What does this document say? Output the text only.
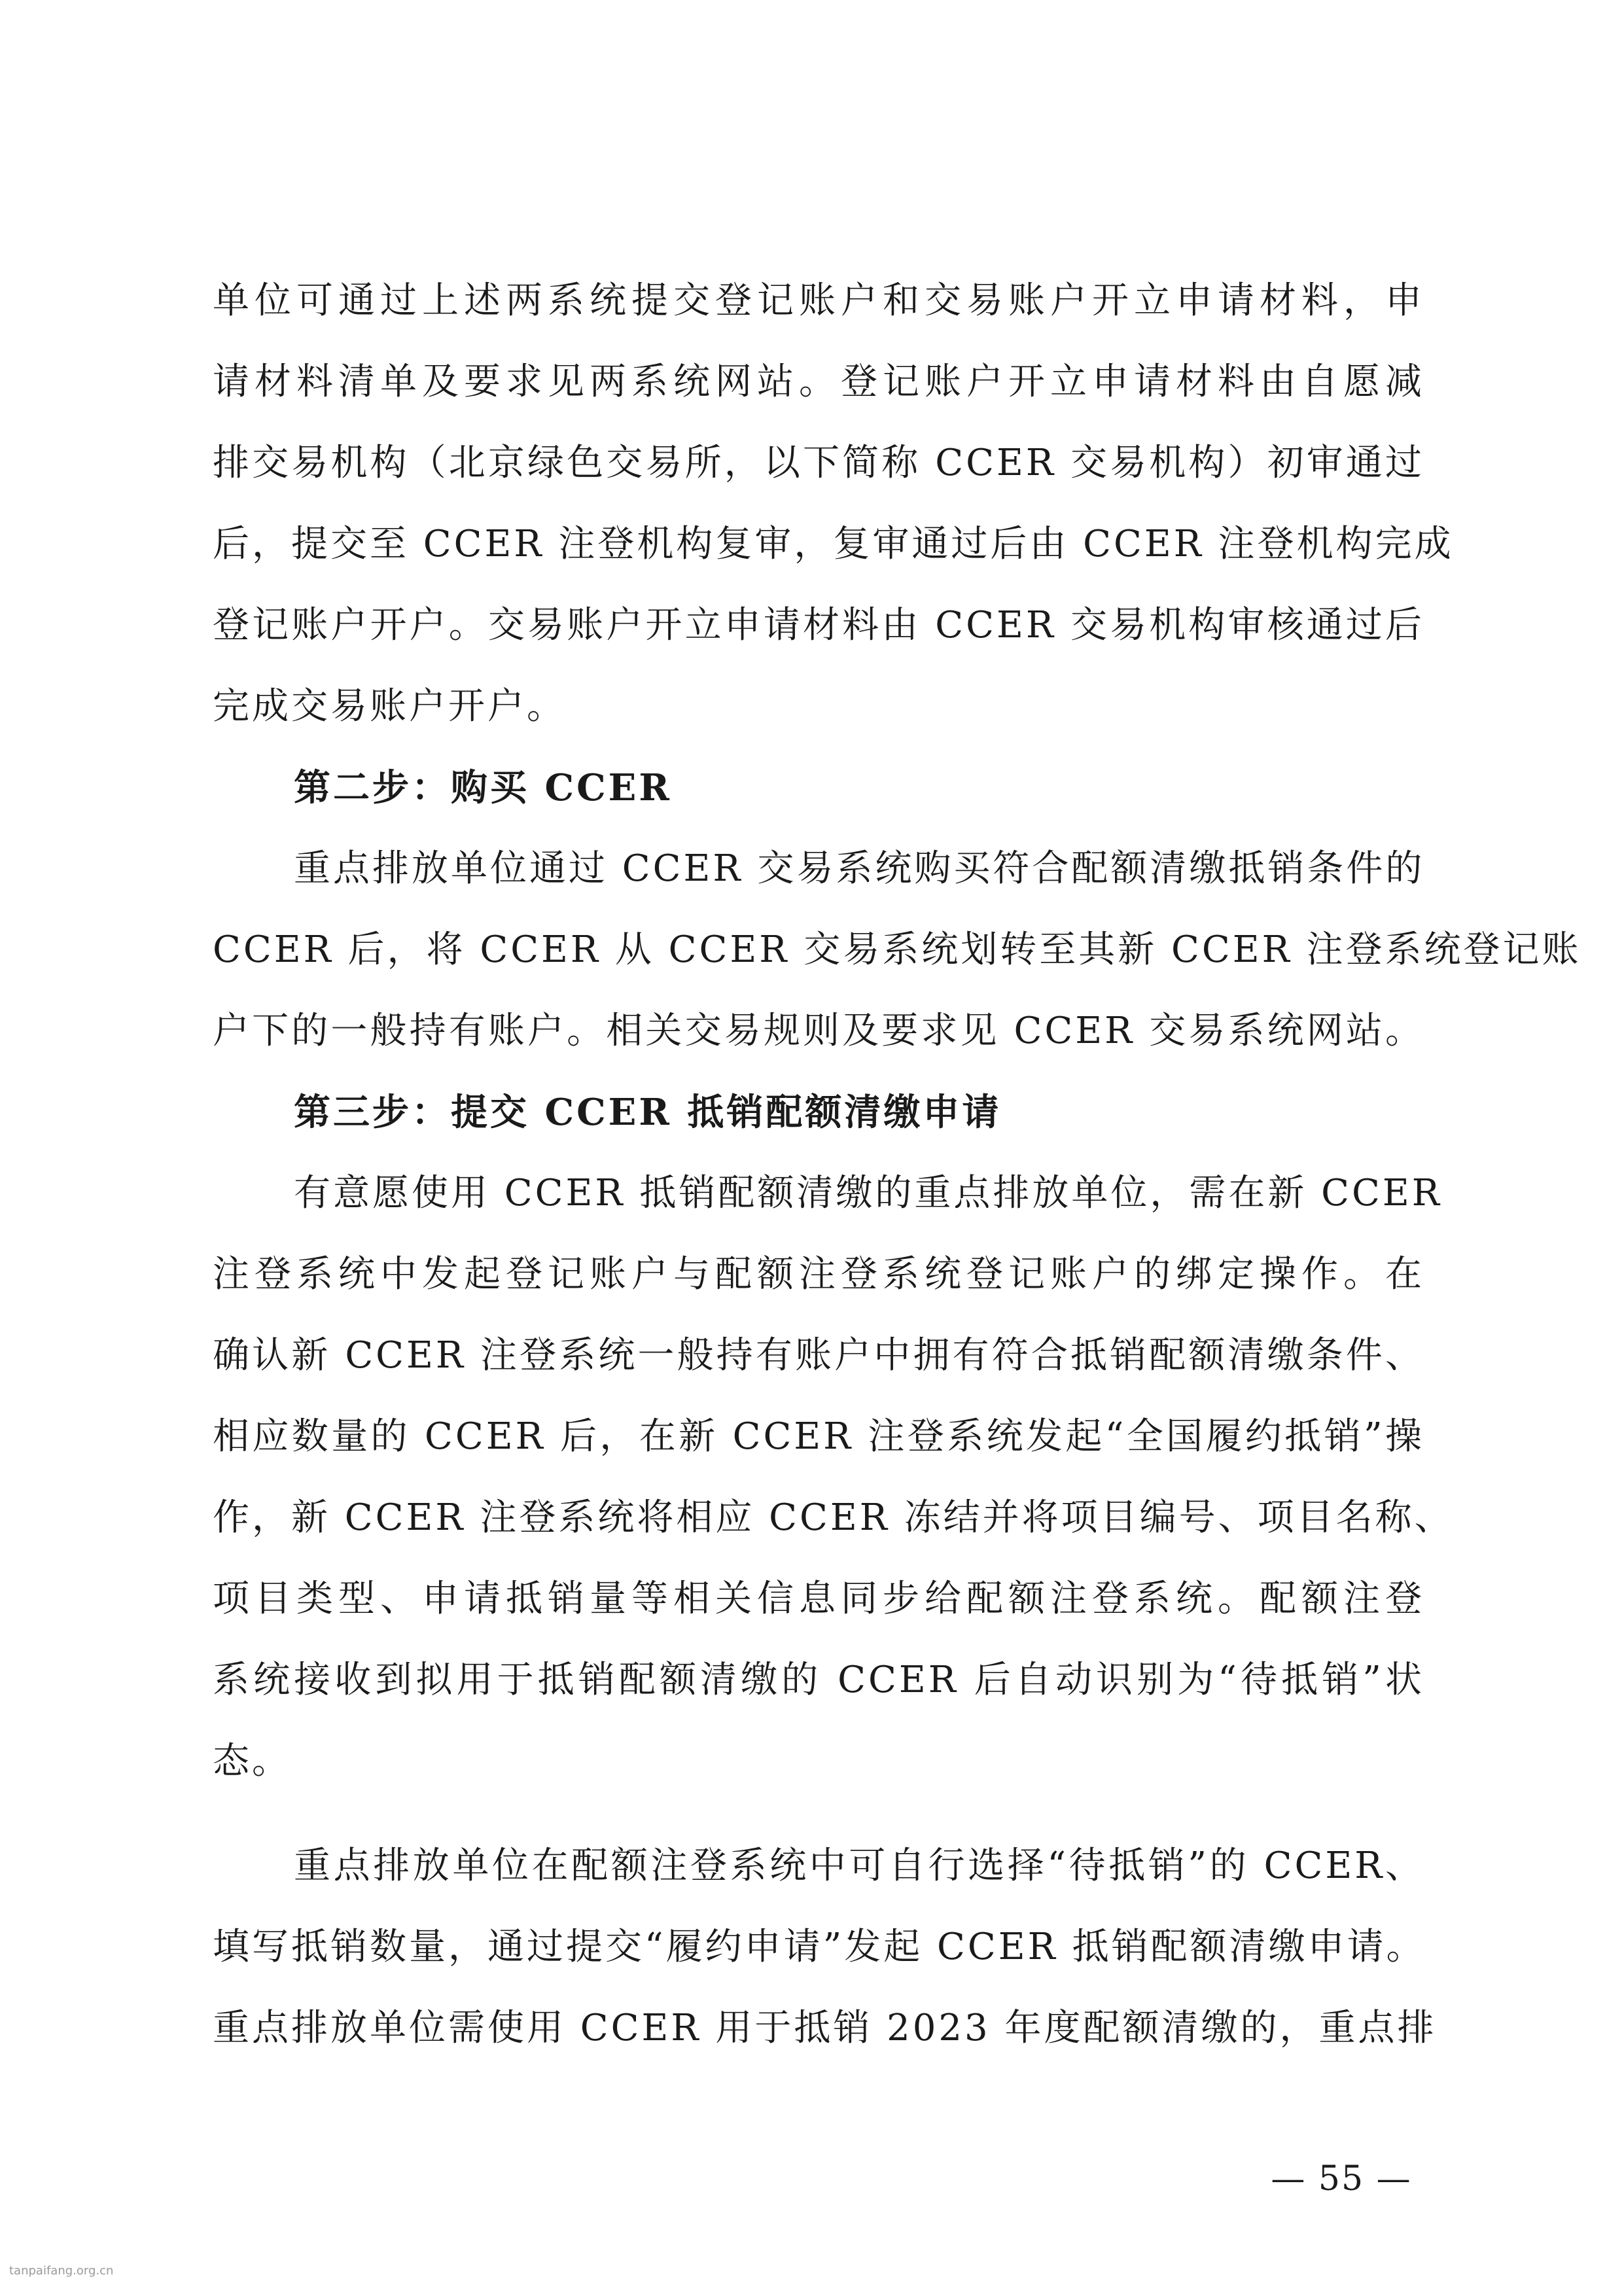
单位可通过上述两系统提交登记账户和交易账户开立申请材料，申
请材料清单及要求见两系统网站。登记账户开立申请材料由自愿减
排交易机构（北京绿色交易所，以下简称 CCER 交易机构）初审通过
后，提交至 CCER 注登机构复审，复审通过后由 CCER 注登机构完成
登记账户开户。交易账户开立申请材料由 CCER 交易机构审核通过后
完成交易账户开户。
第二步：购买 CCER
重点排放单位通过 CCER 交易系统购买符合配额清缴抵销条件的
CCER 后，将 CCER 从 CCER 交易系统划转至其新 CCER 注登系统登记账
户下的一般持有账户。相关交易规则及要求见 CCER 交易系统网站。
第三步：提交 CCER 抵销配额清缴申请
有意愿使用 CCER 抵销配额清缴的重点排放单位，需在新 CCER
注登系统中发起登记账户与配额注登系统登记账户的绑定操作。在
确认新 CCER 注登系统一般持有账户中拥有符合抵销配额清缴条件、
相应数量的 CCER 后，在新 CCER 注登系统发起“全国履约抵销”操
作，新 CCER 注登系统将相应 CCER 冻结并将项目编号、项目名称、
项目类型、申请抵销量等相关信息同步给配额注登系统。配额注登
系统接收到拟用于抵销配额清缴的 CCER 后自动识别为“待抵销”状
态。
重点排放单位在配额注登系统中可自行选择“待抵销”的 CCER、
填写抵销数量，通过提交“履约申请”发起 CCER 抵销配额清缴申请。
重点排放单位需使用 CCER 用于抵销 2023 年度配额清缴的，重点排
— 55 —
tanpaifang.org.cn
